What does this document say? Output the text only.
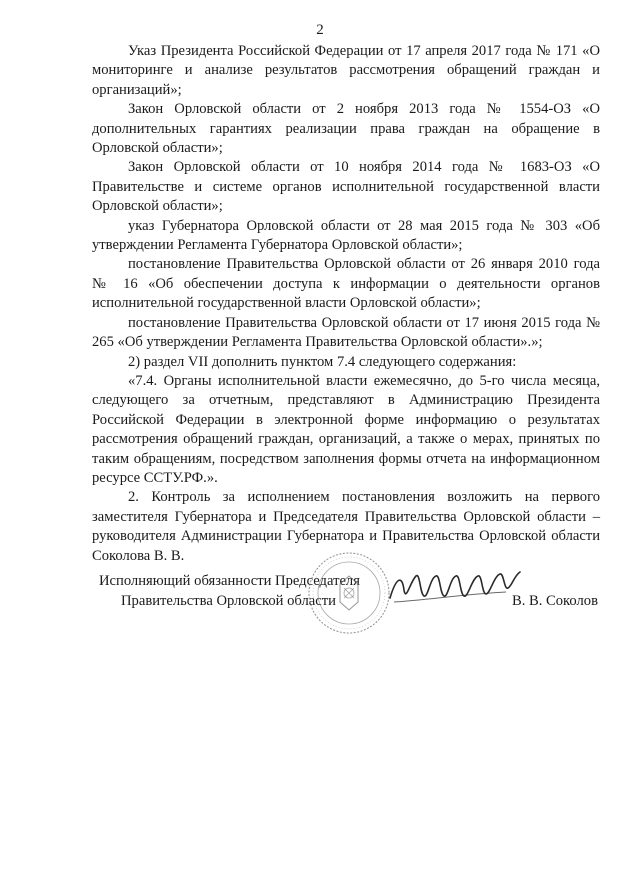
2

Указ Президента Российской Федерации от 17 апреля 2017 года № 171 «О мониторинге и анализе результатов рассмотрения обращений граждан и организаций»;

Закон Орловской области от 2 ноября 2013 года № 1554-ОЗ «О дополнительных гарантиях реализации права граждан на обращение в Орловской области»;

Закон Орловской области от 10 ноября 2014 года № 1683-ОЗ «О Правительстве и системе органов исполнительной государственной власти Орловской области»;

указ Губернатора Орловской области от 28 мая 2015 года № 303 «Об утверждении Регламента Губернатора Орловской области»;

постановление Правительства Орловской области от 26 января 2010 года № 16 «Об обеспечении доступа к информации о деятельности органов исполнительной государственной власти Орловской области»;

постановление Правительства Орловской области от 17 июня 2015 года № 265 «Об утверждении Регламента Правительства Орловской области».»;

2) раздел VII дополнить пунктом 7.4 следующего содержания:

«7.4. Органы исполнительной власти ежемесячно, до 5-го числа месяца, следующего за отчетным, представляют в Администрацию Президента Российской Федерации в электронной форме информацию о результатах рассмотрения обращений граждан, организаций, а также о мерах, принятых по таким обращениям, посредством заполнения формы отчета на информационном ресурсе ССТУ.РФ.».

2. Контроль за исполнением постановления возложить на первого заместителя Губернатора и Председателя Правительства Орловской области – руководителя Администрации Губернатора и Правительства Орловской области Соколова В. В.

Исполняющий обязанности Председателя
Правительства Орловской области	В. В. Соколов
